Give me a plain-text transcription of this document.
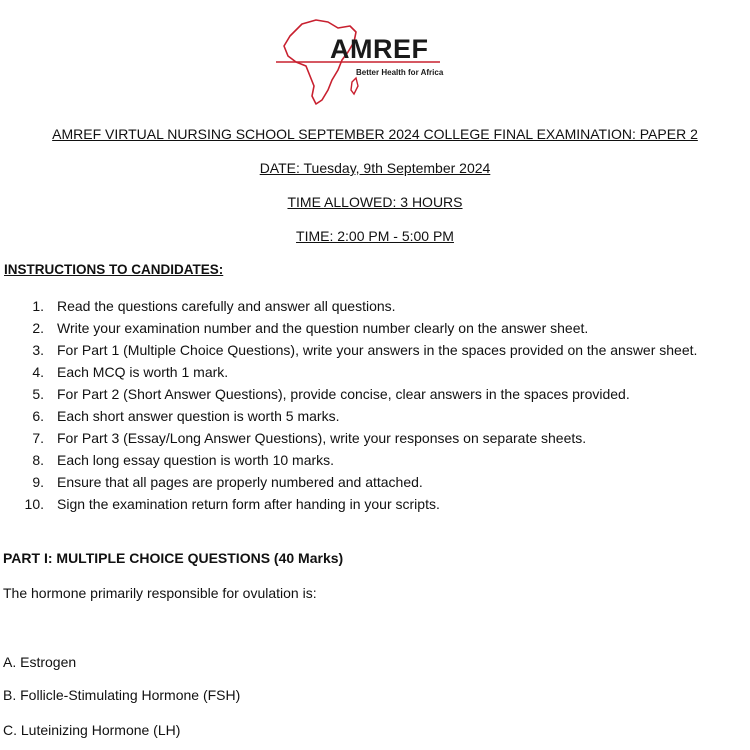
AMREF
Better Health for Africa
AMREF VIRTUAL NURSING SCHOOL SEPTEMBER 2024 COLLEGE FINAL EXAMINATION: PAPER 2
DATE: Tuesday, 9th September 2024
TIME ALLOWED: 3 HOURS
TIME: 2:00 PM - 5:00 PM
INSTRUCTIONS TO CANDIDATES:
1. Read the questions carefully and answer all questions.
2. Write your examination number and the question number clearly on the answer sheet.
3. For Part 1 (Multiple Choice Questions), write your answers in the spaces provided on the answer sheet.
4. Each MCQ is worth 1 mark.
5. For Part 2 (Short Answer Questions), provide concise, clear answers in the spaces provided.
6. Each short answer question is worth 5 marks.
7. For Part 3 (Essay/Long Answer Questions), write your responses on separate sheets.
8. Each long essay question is worth 10 marks.
9. Ensure that all pages are properly numbered and attached.
10. Sign the examination return form after handing in your scripts.
PART I: MULTIPLE CHOICE QUESTIONS (40 Marks)
The hormone primarily responsible for ovulation is:
A. Estrogen
B. Follicle-Stimulating Hormone (FSH)
C. Luteinizing Hormone (LH)
